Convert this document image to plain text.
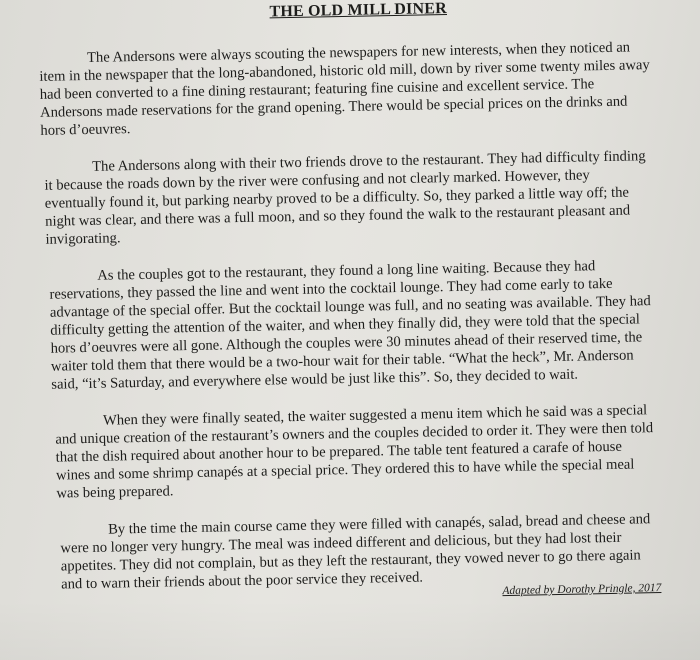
THE OLD MILL DINER

The Andersons were always scouting the newspapers for new interests, when they noticed an item in the newspaper that the long-abandoned, historic old mill, down by river some twenty miles away had been converted to a fine dining restaurant; featuring fine cuisine and excellent service. The Andersons made reservations for the grand opening. There would be special prices on the drinks and hors d’oeuvres.

The Andersons along with their two friends drove to the restaurant. They had difficulty finding it because the roads down by the river were confusing and not clearly marked. However, they eventually found it, but parking nearby proved to be a difficulty. So, they parked a little way off; the night was clear, and there was a full moon, and so they found the walk to the restaurant pleasant and invigorating.

As the couples got to the restaurant, they found a long line waiting. Because they had reservations, they passed the line and went into the cocktail lounge. They had come early to take advantage of the special offer. But the cocktail lounge was full, and no seating was available. They had difficulty getting the attention of the waiter, and when they finally did, they were told that the special hors d’oeuvres were all gone. Although the couples were 30 minutes ahead of their reserved time, the waiter told them that there would be a two-hour wait for their table. “What the heck”, Mr. Anderson said, “it’s Saturday, and everywhere else would be just like this”. So, they decided to wait.

When they were finally seated, the waiter suggested a menu item which he said was a special and unique creation of the restaurant’s owners and the couples decided to order it. They were then told that the dish required about another hour to be prepared. The table tent featured a carafe of house wines and some shrimp canapés at a special price. They ordered this to have while the special meal was being prepared.

By the time the main course came they were filled with canapés, salad, bread and cheese and were no longer very hungry. The meal was indeed different and delicious, but they had lost their appetites. They did not complain, but as they left the restaurant, they vowed never to go there again and to warn their friends about the poor service they received.	Adapted by Dorothy Pringle, 2017
